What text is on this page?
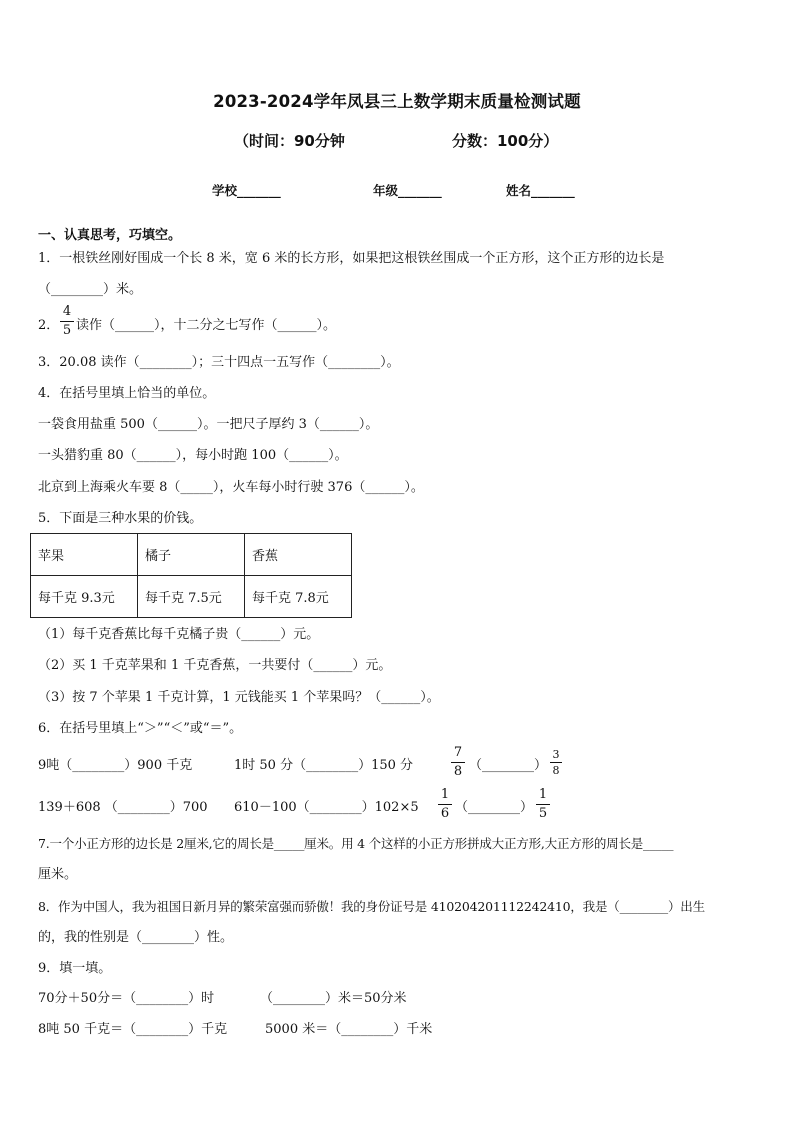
2023-2024学年凤县三上数学期末质量检测试题
（时间：90分钟	分数：100分）
学校_______	年级_______	姓名_______
一、认真思考，巧填空。
1．一根铁丝刚好围成一个长 8 米，宽 6 米的长方形，如果把这根铁丝围成一个正方形，这个正方形的边长是
（________）米。
2．
4
5 读作（______），十二分之七写作（______）。
3．20.08 读作（________）；三十四点一五写作（________）。
4．在括号里填上恰当的单位。
一袋食用盐重 500（______）。一把尺子厚约 3（______）。
一头猎豹重 80（______），每小时跑 100（______）。
北京到上海乘火车要 8（_____），火车每小时行驶 376（______）。
5．下面是三种水果的价钱。
苹果	橘子	香蕉
每千克 9.3元	每千克 7.5元	每千克 7.8元
（1）每千克香蕉比每千克橘子贵（______）元。
（2）买 1 千克苹果和 1 千克香蕉，一共要付（______）元。
（3）按 7 个苹果 1 千克计算，1 元钱能买 1 个苹果吗？（______）。
6．在括号里填上“＞”“＜”或“＝”。
9吨（________）900 千克	1时 50 分（________）150 分
7
8 （________）
3
8
139＋608 （________）700 610－100（________）102×5
1
6 （________）
1
5
7.一个小正方形的边长是 2厘米,它的周长是_____厘米。用 4 个这样的小正方形拼成大正方形,大正方形的周长是_____
厘米。
8．作为中国人，我为祖国日新月异的繁荣富强而骄傲！我的身份证号是 410204201112242410，我是（________）出生
的，我的性别是（________）性。
9．填一填。
70分＋50分＝（________）时	（________）米＝50分米
8吨 50 千克＝（________）千克	5000 米＝（________）千米
